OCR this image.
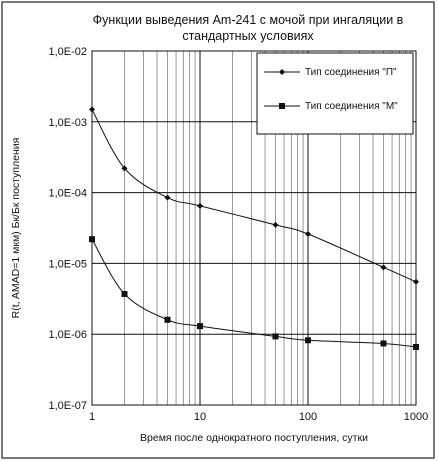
Функции выведения Am-241 с мочой при ингаляции в
стандартных условиях
1,0E-07
1,0E-06
1,0E-05
1,0E-04
1,0E-03
1,0E-02
1	10	100	1000
Время после однократного поступления, сутки
R(t, AMAD=1 мкм) Бк/Бк поступления
Тип соединения "П"
Тип соединения "М"
